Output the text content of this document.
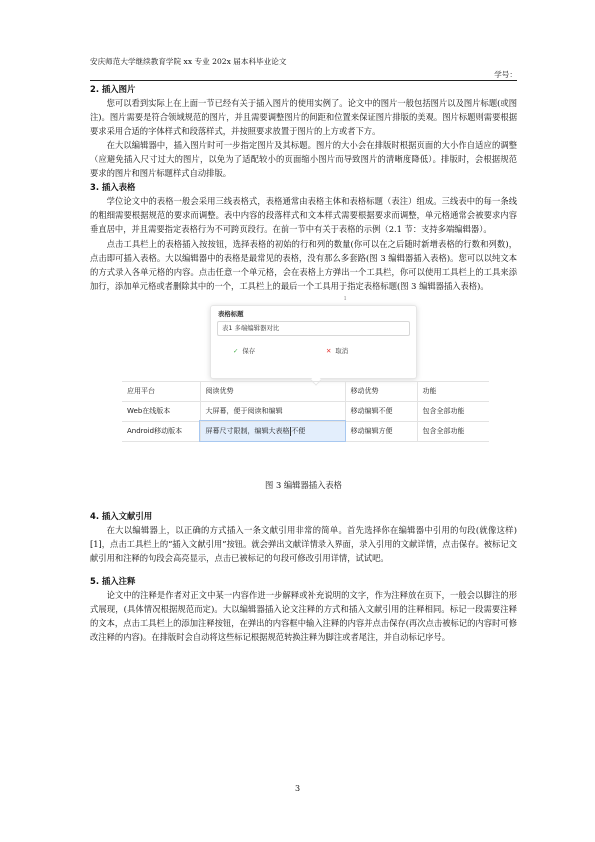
安庆师范大学继续教育学院 xx 专业 202x 届本科毕业论文
学号：

2. 插入图片

您可以看到实际上在上面一节已经有关于插入图片的使用实例了。论文中的图片一般包括图片以及图片标题(或图注)。图片需要是符合领域规范的图片，并且需要调整图片的间距和位置来保证图片排版的美观。图片标题则需要根据要求采用合适的字体样式和段落样式，并按照要求放置于图片的上方或者下方。

在大以编辑器中，插入图片时可一步指定图片及其标题。图片的大小会在排版时根据页面的大小作自适应的调整（应避免插入尺寸过大的图片，以免为了适配较小的页面缩小图片而导致图片的清晰度降低）。排版时，会根据规范要求的图片和图片标题样式自动排版。

3. 插入表格

学位论文中的表格一般会采用三线表格式，表格通常由表格主体和表格标题（表注）组成。三线表中的每一条线的粗细需要根据规范的要求而调整。表中内容的段落样式和文本样式需要根据要求而调整，单元格通常会被要求内容垂直居中，并且需要指定表格行为不可跨页段行。在前一节中有关于表格的示例（2.1 节：支持多端编辑器）。

点击工具栏上的表格插入按按钮，选择表格的初始的行和列的数量(你可以在之后随时新增表格的行数和列数)，点击即可插入表格。大以编辑器中的表格是最常见的表格，没有那么多套路(图 3 编辑器插入表格)。您可以以纯文本的方式录入各单元格的内容。点击任意一个单元格，会在表格上方弹出一个工具栏，你可以使用工具栏上的工具来添加行，添加单元格或者删除其中的一个，工具栏上的最后一个工具用于指定表格标题(图 3 编辑器插入表格)。

ı
表格标题
表1 多端编辑器对比
✓ 保存	✕ 取消
应用平台	阅读优势	移动优势	功能
Web在线版本	大屏幕，便于阅读和编辑	移动编辑不便	包含全部功能
Android移动版本	屏幕尺寸限制，编辑大表格 不便	移动编辑方便	包含全部功能
图 3 编辑器插入表格

4. 插入文献引用

在大以编辑器上，以正确的方式插入一条文献引用非常的简单。首先选择你在编辑器中引用的句段(就像这样)[1]，点击工具栏上的“插入文献引用”按钮。就会弹出文献详情录入界面，录入引用的文献详情，点击保存。被标记文献引用和注释的句段会高亮显示，点击已被标记的句段可修改引用详情，试试吧。

5. 插入注释

论文中的注释是作者对正文中某一内容作进一步解释或补充说明的文字，作为注释放在页下，一般会以脚注的形式展现，(具体情况根据规范而定)。大以编辑器插入论文注释的方式和插入文献引用的注释相同。标记一段需要注释的文本，点击工具栏上的添加注释按钮，在弹出的内容框中输入注释的内容并点击保存(再次点击被标记的内容时可修改注释的内容)。在排版时会自动将这些标记根据规范转换注释为脚注或者尾注，并自动标记序号。

3
